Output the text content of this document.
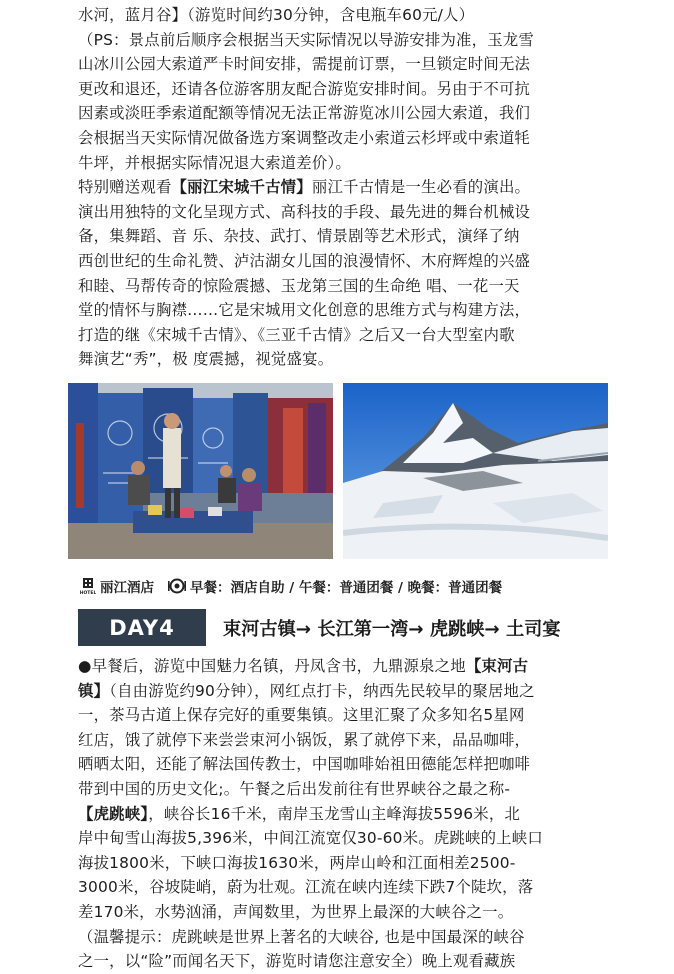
水河，蓝月谷】（游览时间约30分钟，含电瓶车60元/人）

（PS：景点前后顺序会根据当天实际情况以导游安排为准，玉龙雪

山冰川公园大索道严卡时间安排，需提前订票，一旦锁定时间无法

更改和退还，还请各位游客朋友配合游览安排时间。另由于不可抗

因素或淡旺季索道配额等情况无法正常游览冰川公园大索道，我们

会根据当天实际情况做备选方案调整改走小索道云杉坪或中索道牦

牛坪，并根据实际情况退大索道差价）。

特别赠送观看【丽江宋城千古情】丽江千古情是一生必看的演出。

演出用独特的文化呈现方式、高科技的手段、最先进的舞台机械设

备，集舞蹈、音 乐、杂技、武打、情景剧等艺术形式，演绎了纳

西创世纪的生命礼赞、泸沽湖女儿国的浪漫情怀、木府辉煌的兴盛

和睦、马帮传奇的惊险震撼、玉龙第三国的生命绝 唱、一花一天

堂的情怀与胸襟……它是宋城用文化创意的思维方式与构建方法，

打造的继《宋城千古情》、《三亚千古情》之后又一台大型室内歌

舞演艺“秀”，极 度震撼，视觉盛宴。

HOTEL 丽江酒店	早餐：酒店自助 / 午餐：普通团餐 / 晚餐：普通团餐
DAY4	束河古镇→ 长江第一湾→ 虎跳峡→ 土司宴

●早餐后，游览中国魅力名镇，丹凤含书，九鼎源泉之地【束河古

镇】（自由游览约90分钟），网红点打卡，纳西先民较早的聚居地之

一，茶马古道上保存完好的重要集镇。这里汇聚了众多知名5星网

红店，饿了就停下来尝尝束河小锅饭，累了就停下来，品品咖啡，

晒晒太阳，还能了解法国传教士，中国咖啡始祖田德能怎样把咖啡

带到中国的历史文化;。午餐之后出发前往有世界峡谷之最之称-

【虎跳峡】，峡谷长16千米，南岸玉龙雪山主峰海拔5596米，北

岸中甸雪山海拔5,396米，中间江流宽仅30-60米。虎跳峡的上峡口

海拔1800米，下峡口海拔1630米，两岸山岭和江面相差2500-

3000米，谷坡陡峭，蔚为壮观。江流在峡内连续下跌7个陡坎，落

差170米，水势汹涌，声闻数里，为世界上最深的大峡谷之一。

（温馨提示：虎跳峡是世界上著名的大峡谷, 也是中国最深的峡谷

之一，以“险”而闻名天下，游览时请您注意安全）晚上观看藏族
